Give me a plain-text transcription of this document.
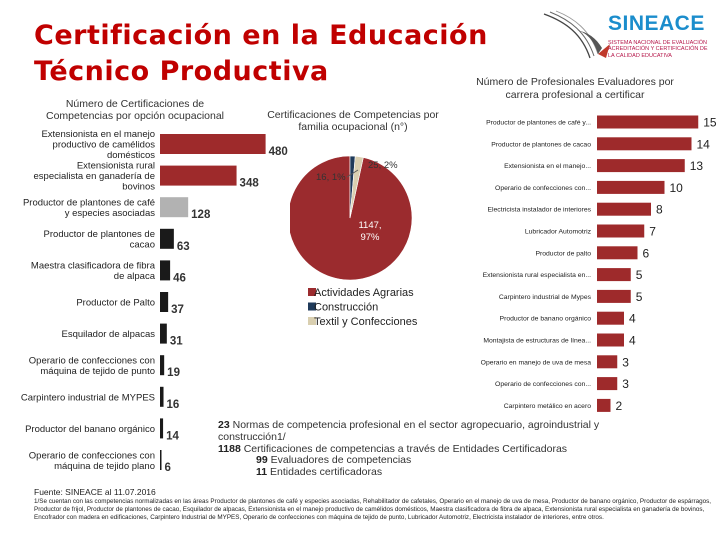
Certificación en la Educación
Técnico Productiva
SINEACE
SISTEMA NACIONAL DE EVALUACIÓN ACREDITACIÓN Y CERTIFICACIÓN DE LA CALIDAD EDUCATIVA
Número de Certificaciones de Competencias por opción ocupacional
480
Extensionista en el manejo
productivo de camélidos
domésticos
348
Extensionista rural
especialista en ganadería de
bovinos
128
Productor de plantones de café
y especies asociadas
63
Productor de plantones de
cacao
46
Maestra clasificadora de fibra
de alpaca
37
Productor de Palto
31
Esquilador de alpacas
19
Operario de confecciones con
máquina de tejido de punto
16
Carpintero industrial de MYPES
14
Productor del banano orgánico
6
Operario de confecciones con
máquina de tejido plano
Certificaciones de Competencias por familia ocupacional (n°)
1147,
97%
16, 1%
25, 2%
Actividades Agrarias
Construcción
Textil y Confecciones
Número de Profesionales Evaluadores por carrera profesional a certificar
15
Productor de plantones de café y...
14
Productor de plantones de cacao
13
Extensionista en el manejo...
10
Operario de confecciones con...
8
Electricista instalador de interiores
7
Lubricador Automotriz
6
Productor de palto
5
Extensionista rural especialista en...
5
Carpintero industrial de Mypes
4
Productor de banano orgánico
4
Montajista de estructuras de línea...
3
Operario en manejo de uva de mesa
3
Operario de confecciones con...
2
Carpintero metálico en acero
23 Normas de competencia profesional en el sector agropecuario, agroindustrial y construcción1/
1188 Certificaciones de competencias a través de Entidades Certificadoras
99 Evaluadores de competencias
11 Entidades certificadoras
Fuente: SINEACE al 11.07.2016
1/Se cuentan con las competencias normalizadas en las áreas Productor de plantones de café y especies asociadas, Rehabilitador de cafetales, Operario en el manejo de uva de mesa, Productor de banano orgánico, Productor de espárragos, Productor de frijol, Productor de plantones de cacao, Esquilador de alpacas, Extensionista en el manejo productivo de camélidos domésticos, Maestra clasificadora de fibra de alpaca, Extensionista rural especialista en ganadería de bovinos, Encofrador con madera en edificaciones, Carpintero Industrial de MYPES, Operario de confecciones con máquina de tejido de punto, Lubricador Automotriz, Electricista instalador de interiores, entre otros.
